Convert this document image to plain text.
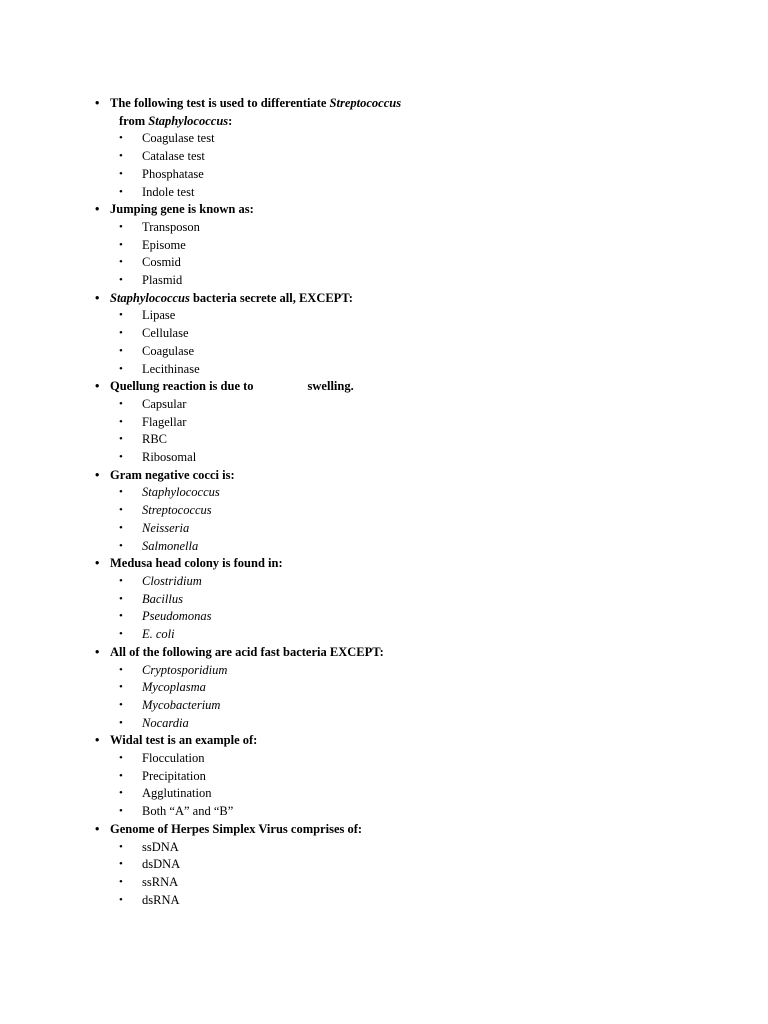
• The following test is used to differentiate Streptococcus
from Staphylococcus:
• Coagulase test
• Catalase test
• Phosphatase
• Indole test
• Jumping gene is known as:
• Transposon
• Episome
• Cosmid
• Plasmid
• Staphylococcus bacteria secrete all, EXCEPT:
• Lipase
• Cellulase
• Coagulase
• Lecithinase
• Quellung reaction is due to	swelling.
• Capsular
• Flagellar
• RBC
• Ribosomal
• Gram negative cocci is:
• Staphylococcus
• Streptococcus
• Neisseria
• Salmonella
• Medusa head colony is found in:
• Clostridium
• Bacillus
• Pseudomonas
• E. coli
• All of the following are acid fast bacteria EXCEPT:
• Cryptosporidium
• Mycoplasma
• Mycobacterium
• Nocardia
• Widal test is an example of:
• Flocculation
• Precipitation
• Agglutination
• Both “A” and “B”
• Genome of Herpes Simplex Virus comprises of:
• ssDNA
• dsDNA
• ssRNA
• dsRNA
